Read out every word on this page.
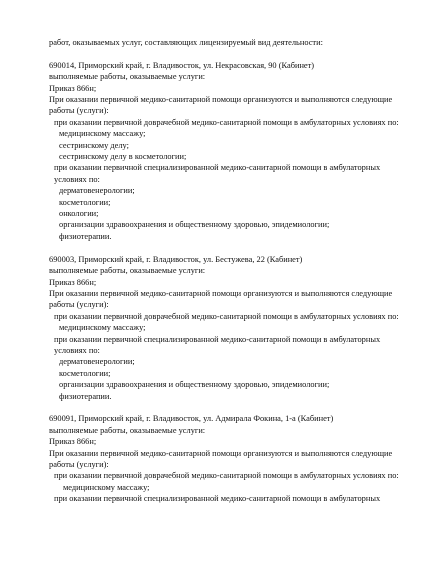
работ, оказываемых услуг, составляющих лицензируемый вид деятельности:
690014, Приморский край, г. Владивосток, ул. Некрасовская, 90 (Кабинет)
выполняемые работы, оказываемые услуги:
Приказ 866н;
При оказании первичной медико-санитарной помощи организуются и выполняются следующие работы (услуги):
при оказании первичной доврачебной медико-санитарной помощи в амбулаторных условиях по:
медицинскому массажу;
сестринскому делу;
сестринскому делу в косметологии;
при оказании первичной специализированной медико-санитарной помощи в амбулаторных условиях по:
дерматовенерологии;
косметологии;
онкологии;
организации здравоохранения и общественному здоровью, эпидемиологии;
физиотерапии.
690003, Приморский край, г. Владивосток, ул. Бестужева, 22 (Кабинет)
выполняемые работы, оказываемые услуги:
Приказ 866н;
При оказании первичной медико-санитарной помощи организуются и выполняются следующие работы (услуги):
при оказании первичной доврачебной медико-санитарной помощи в амбулаторных условиях по:
медицинскому массажу;
при оказании первичной специализированной медико-санитарной помощи в амбулаторных условиях по:
дерматовенерологии;
косметологии;
организации здравоохранения и общественному здоровью, эпидемиологии;
физиотерапии.
690091, Приморский край, г. Владивосток, ул. Адмирала Фокина, 1-а (Кабинет)
выполняемые работы, оказываемые услуги:
Приказ 866н;
При оказании первичной медико-санитарной помощи организуются и выполняются следующие работы (услуги):
при оказании первичной доврачебной медико-санитарной помощи в амбулаторных условиях по:
медицинскому массажу;
при оказании первичной специализированной медико-санитарной помощи в амбулаторных
